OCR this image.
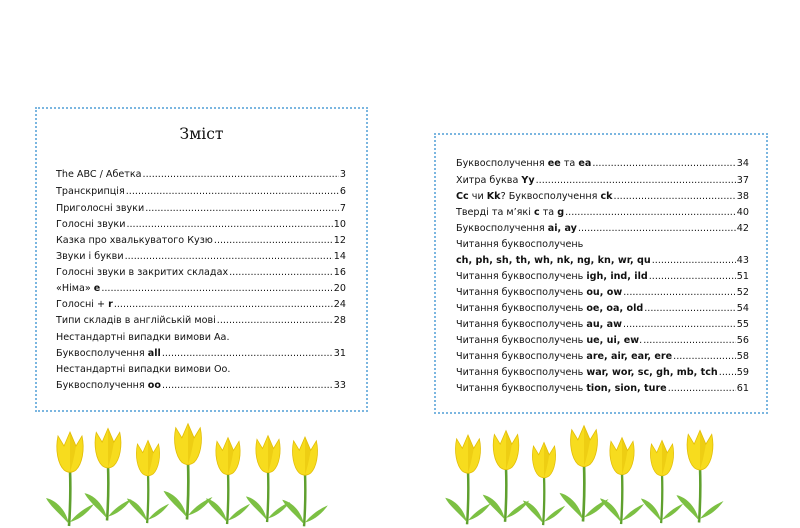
Зміст
The ABC / Абетка .....	3
Транскрипція .....	6
Приголосні звуки .....	7
Голосні звуки .....	10
Казка про хвалькуватого Кузю .....	12
Звуки і букви .....	14
Голосні звуки в закритих складах .....	16
«Німа» e .....	20
Голосні + r .....	24
Типи складів в англійській мові .....	28
Нестандартні випадки вимови Аа.
Буквосполучення all .....	31
Нестандартні випадки вимови Оо.
Буквосполучення oo .....	33
Буквосполучення ee та ea .....	34
Хитра буква Yy .....	37
Cc чи Kk? Буквосполучення ck .....	38
Тверді та м’які c та g .....	40
Буквосполучення ai, ay .....	42
Читання буквосполучень
ch, ph, sh, th, wh, nk, ng, kn, wr, qu .....	43
Читання буквосполучень igh, ind, ild .....	51
Читання буквосполучень ou, ow .....	52
Читання буквосполучень oe, oa, old .....	54
Читання буквосполучень au, aw .....	55
Читання буквосполучень ue, ui, ew. .....	56
Читання буквосполучень are, air, ear, ere .....	58
Читання буквосполучень war, wor, sc, gh, mb, tch ..... 59
Читання буквосполучень tion, sion, ture .....	61
